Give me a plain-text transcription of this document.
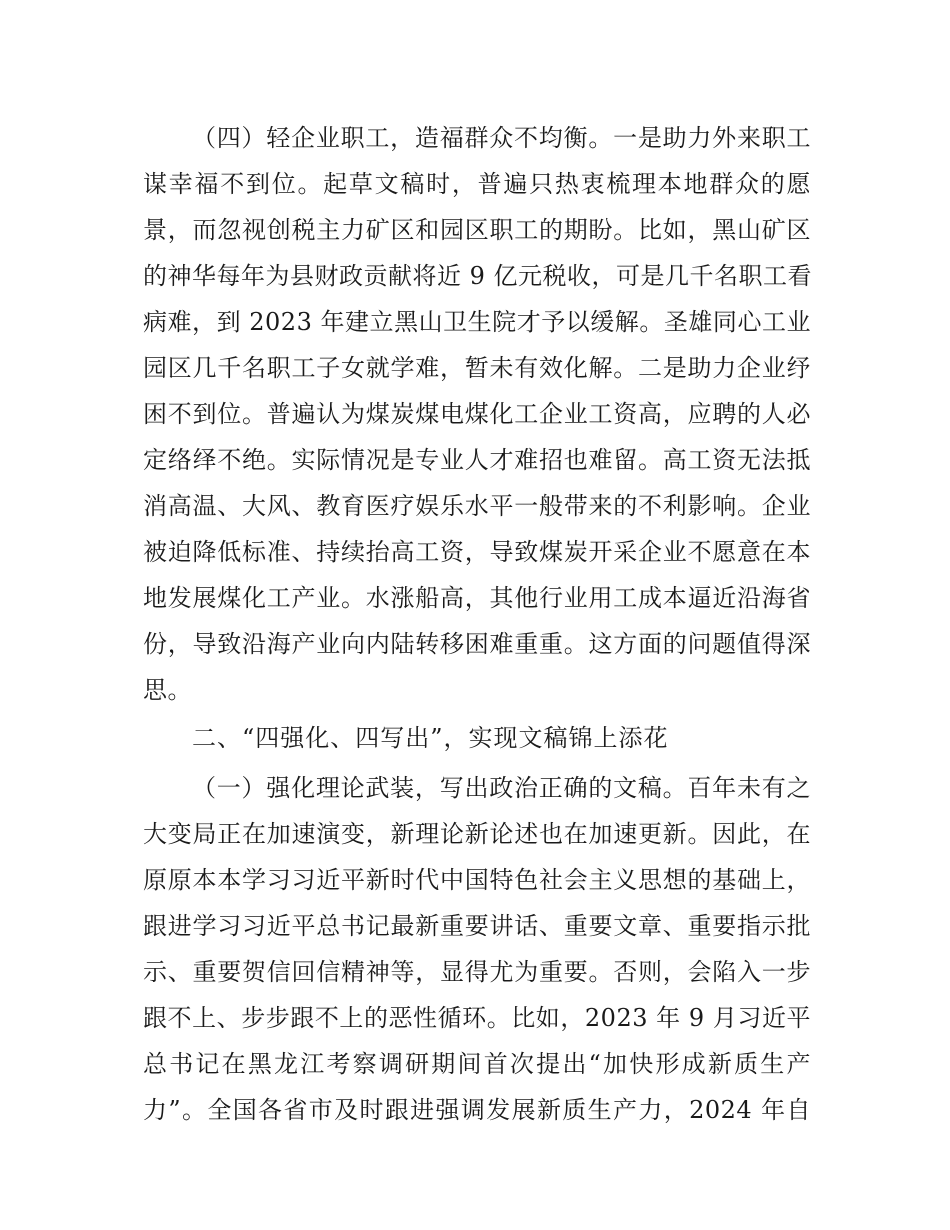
（四）轻企业职工，造福群众不均衡。一是助力外来职工
谋幸福不到位。起草文稿时，普遍只热衷梳理本地群众的愿
景，而忽视创税主力矿区和园区职工的期盼。比如，黑山矿区
的神华每年为县财政贡献将近 9 亿元税收，可是几千名职工看
病难，到 2023 年建立黑山卫生院才予以缓解。圣雄同心工业
园区几千名职工子女就学难，暂未有效化解。二是助力企业纾
困不到位。普遍认为煤炭煤电煤化工企业工资高，应聘的人必
定络绎不绝。实际情况是专业人才难招也难留。高工资无法抵
消高温、大风、教育医疗娱乐水平一般带来的不利影响。企业
被迫降低标准、持续抬高工资，导致煤炭开采企业不愿意在本
地发展煤化工产业。水涨船高，其他行业用工成本逼近沿海省
份，导致沿海产业向内陆转移困难重重。这方面的问题值得深
思。
二、“四强化、四写出”，实现文稿锦上添花
（一）强化理论武装，写出政治正确的文稿。百年未有之
大变局正在加速演变，新理论新论述也在加速更新。因此，在
原原本本学习习近平新时代中国特色社会主义思想的基础上，
跟进学习习近平总书记最新重要讲话、重要文章、重要指示批
示、重要贺信回信精神等，显得尤为重要。否则，会陷入一步
跟不上、步步跟不上的恶性循环。比如，2023 年 9 月习近平
总书记在黑龙江考察调研期间首次提出“加快形成新质生产
力”。全国各省市及时跟进强调发展新质生产力，2024 年自
